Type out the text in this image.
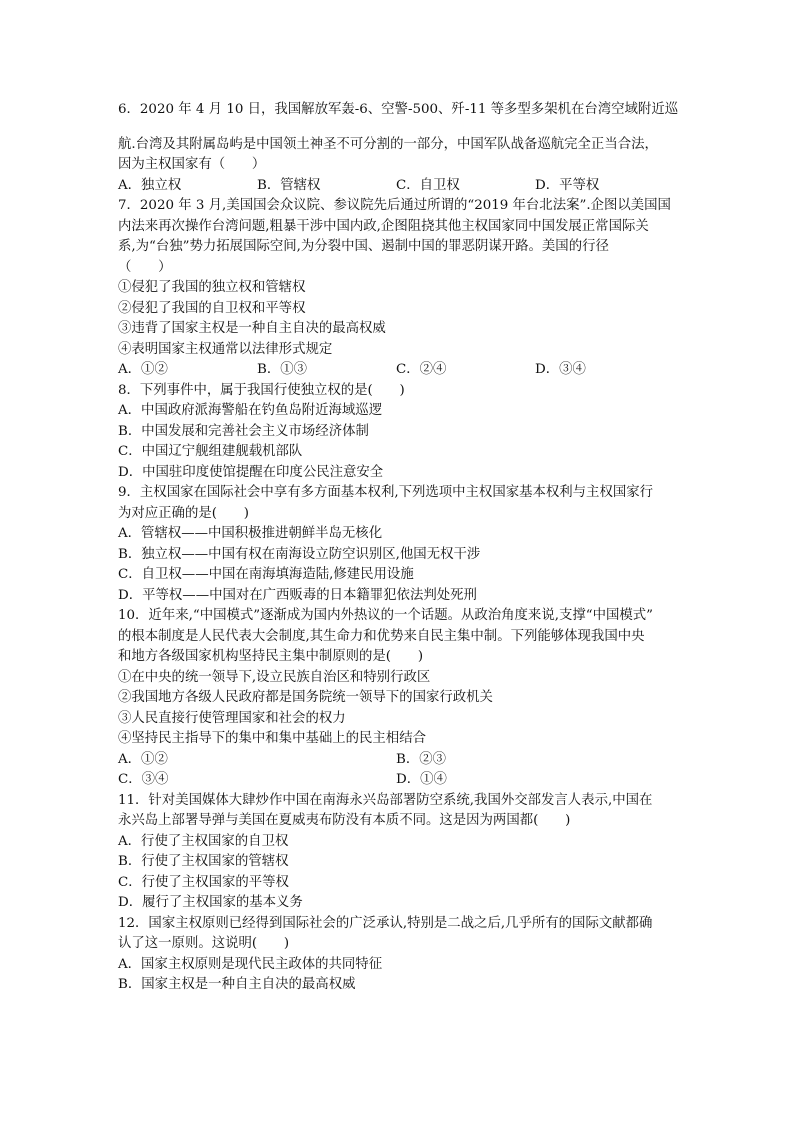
6．2020 年 4 月 10 日，我国解放军轰-6、空警-500、歼-11 等多型多架机在台湾空域附近巡
航.台湾及其附属岛屿是中国领土神圣不可分割的一部分，中国军队战备巡航完全正当合法，
因为主权国家有（　　）
A．独立权	B．管辖权	C．自卫权	D．平等权
7．2020 年 3 月,美国国会众议院、参议院先后通过所谓的“2019 年台北法案”.企图以美国国
内法来再次操作台湾问题,粗暴干涉中国内政,企图阻挠其他主权国家同中国发展正常国际关
系,为“台独”势力拓展国际空间,为分裂中国、遏制中国的罪恶阴谋开路。美国的行径
（　　）
①侵犯了我国的独立权和管辖权
②侵犯了我国的自卫权和平等权
③违背了国家主权是一种自主自决的最高权威
④表明国家主权通常以法律形式规定
A．①②	B．①③	C．②④	D．③④
8．下列事件中，属于我国行使独立权的是(　　)
A．中国政府派海警船在钓鱼岛附近海域巡逻
B．中国发展和完善社会主义市场经济体制
C．中国辽宁舰组建舰载机部队
D．中国驻印度使馆提醒在印度公民注意安全
9．主权国家在国际社会中享有多方面基本权利,下列选项中主权国家基本权利与主权国家行
为对应正确的是(　　)
A．管辖权——中国积极推进朝鲜半岛无核化
B．独立权——中国有权在南海设立防空识别区,他国无权干涉
C．自卫权——中国在南海填海造陆,修建民用设施
D．平等权——中国对在广西贩毒的日本籍罪犯依法判处死刑
10．近年来,“中国模式”逐渐成为国内外热议的一个话题。从政治角度来说,支撑“中国模式”
的根本制度是人民代表大会制度,其生命力和优势来自民主集中制。下列能够体现我国中央
和地方各级国家机构坚持民主集中制原则的是(　　)
①在中央的统一领导下,设立民族自治区和特别行政区
②我国地方各级人民政府都是国务院统一领导下的国家行政机关
③人民直接行使管理国家和社会的权力
④坚持民主指导下的集中和集中基础上的民主相结合
A．①②	B．②③
C．③④	D．①④
11．针对美国媒体大肆炒作中国在南海永兴岛部署防空系统,我国外交部发言人表示,中国在
永兴岛上部署导弹与美国在夏威夷布防没有本质不同。这是因为两国都(　　)
A．行使了主权国家的自卫权
B．行使了主权国家的管辖权
C．行使了主权国家的平等权
D．履行了主权国家的基本义务
12．国家主权原则已经得到国际社会的广泛承认,特别是二战之后,几乎所有的国际文献都确
认了这一原则。这说明(　　)
A．国家主权原则是现代民主政体的共同特征
B．国家主权是一种自主自决的最高权威
